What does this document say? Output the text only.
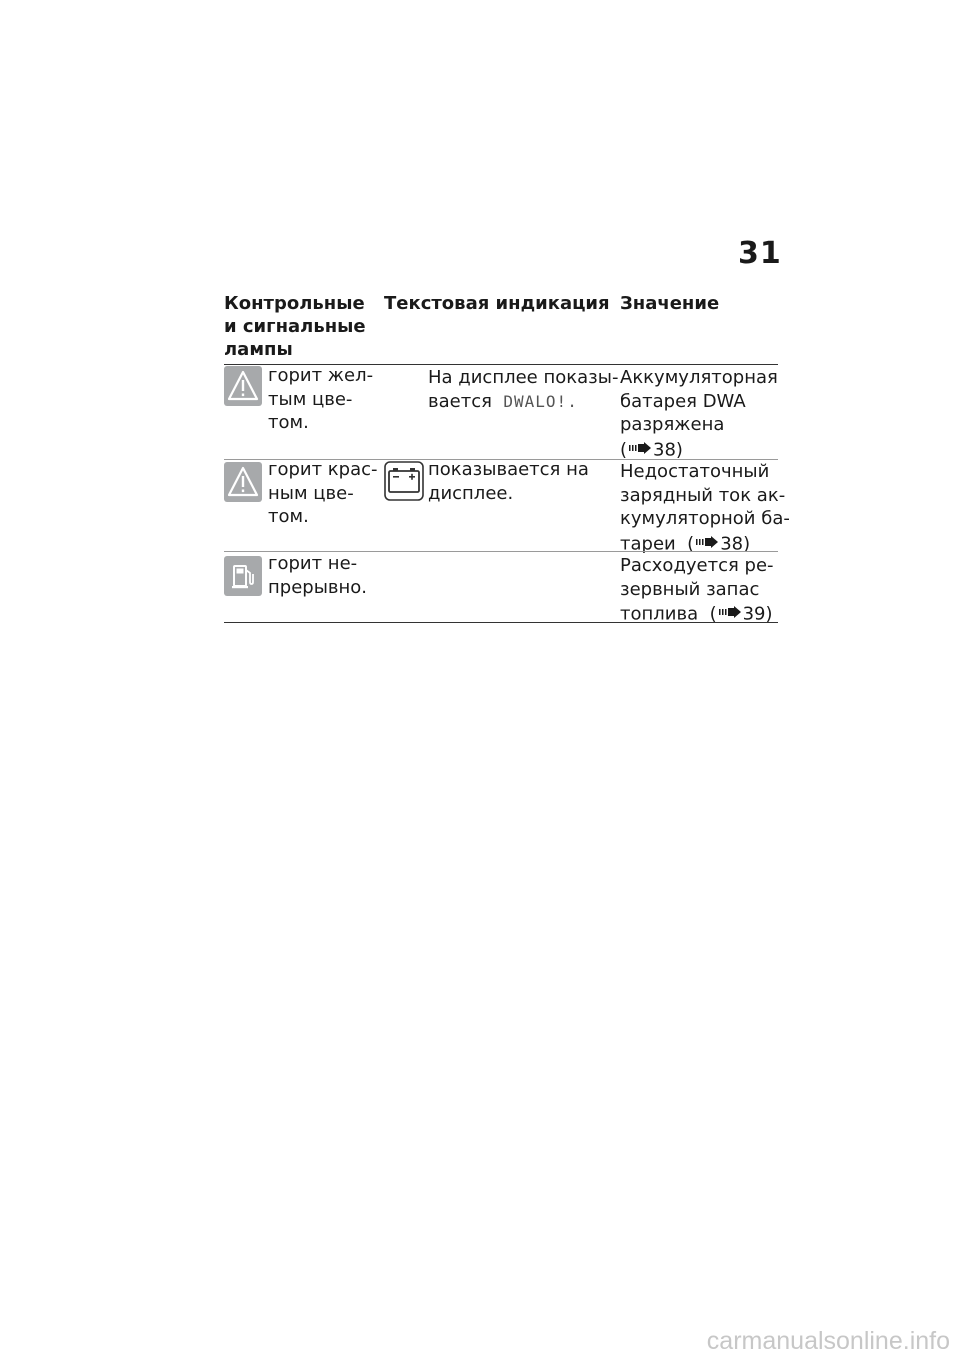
31
Контрольные
и сигнальные
лампы
Текстовая индикация Значение
горит жел-
тым цве-
том.
На дисплее показы-
вается DWALO!.
Аккумуляторная
батарея DWA
разряжена
( 38)
горит крас-
ным цве-
том.
показывается на
дисплее.
Недостаточный
зарядный ток ак-
кумуляторной ба-
тареи ( 38)
горит не-
прерывно.
Расходуется ре-
зервный запас
топлива ( 39)
carmanualsonline.info
